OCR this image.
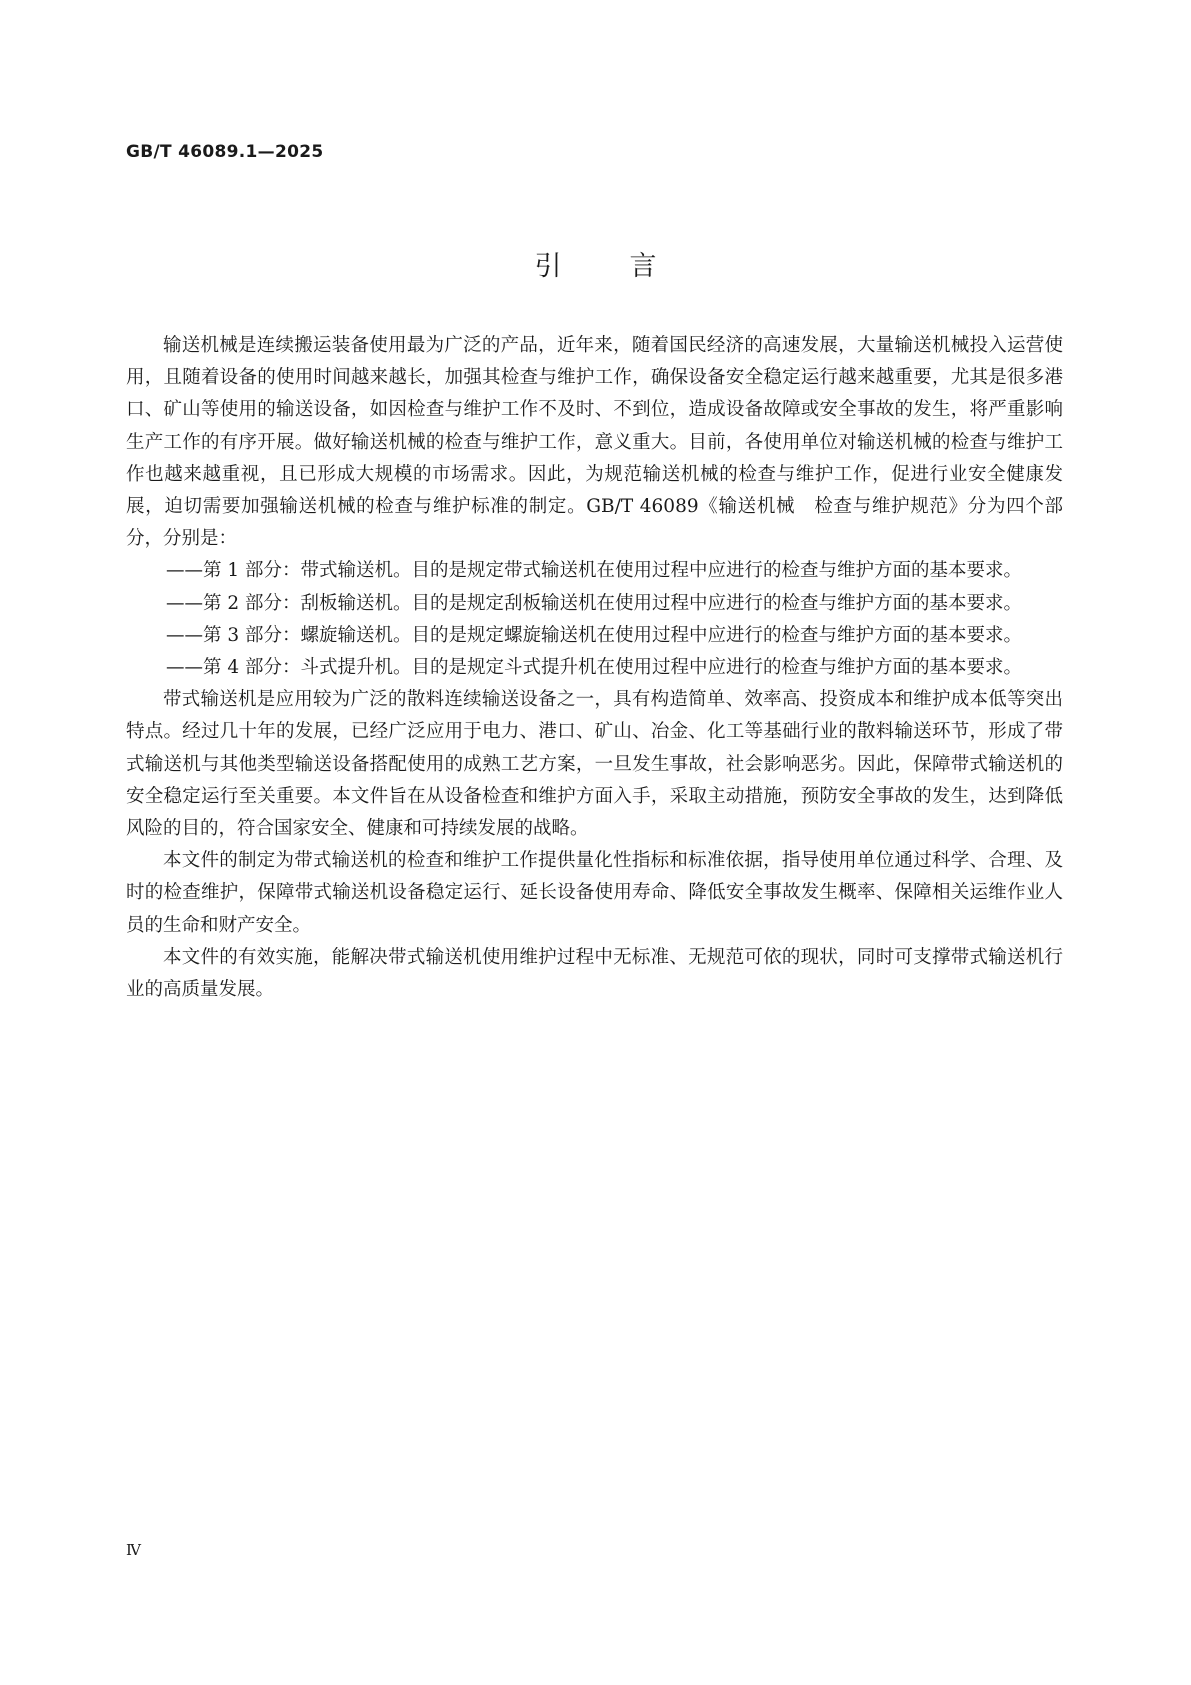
GB/T 46089.1—2025
引言

输送机械是连续搬运装备使用最为广泛的产品，近年来，随着国民经济的高速发展，大量输送机械投入运营使用，且随着设备的使用时间越来越长，加强其检查与维护工作，确保设备安全稳定运行越来越重要，尤其是很多港口、矿山等使用的输送设备，如因检查与维护工作不及时、不到位，造成设备故障或安全事故的发生，将严重影响生产工作的有序开展。做好输送机械的检查与维护工作，意义重大。目前，各使用单位对输送机械的检查与维护工作也越来越重视，且已形成大规模的市场需求。因此，为规范输送机械的检查与维护工作，促进行业安全健康发展，迫切需要加强输送机械的检查与维护标准的制定。GB/T 46089《输送机械　检查与维护规范》分为四个部分，分别是：

——第 1 部分：带式输送机。目的是规定带式输送机在使用过程中应进行的检查与维护方面的基本要求。

——第 2 部分：刮板输送机。目的是规定刮板输送机在使用过程中应进行的检查与维护方面的基本要求。

——第 3 部分：螺旋输送机。目的是规定螺旋输送机在使用过程中应进行的检查与维护方面的基本要求。

——第 4 部分：斗式提升机。目的是规定斗式提升机在使用过程中应进行的检查与维护方面的基本要求。

带式输送机是应用较为广泛的散料连续输送设备之一，具有构造简单、效率高、投资成本和维护成本低等突出特点。经过几十年的发展，已经广泛应用于电力、港口、矿山、冶金、化工等基础行业的散料输送环节，形成了带式输送机与其他类型输送设备搭配使用的成熟工艺方案，一旦发生事故，社会影响恶劣。因此，保障带式输送机的安全稳定运行至关重要。本文件旨在从设备检查和维护方面入手，采取主动措施，预防安全事故的发生，达到降低风险的目的，符合国家安全、健康和可持续发展的战略。

本文件的制定为带式输送机的检查和维护工作提供量化性指标和标准依据，指导使用单位通过科学、合理、及时的检查维护，保障带式输送机设备稳定运行、延长设备使用寿命、降低安全事故发生概率、保障相关运维作业人员的生命和财产安全。

本文件的有效实施，能解决带式输送机使用维护过程中无标准、无规范可依的现状，同时可支撑带式输送机行业的高质量发展。

Ⅳ
